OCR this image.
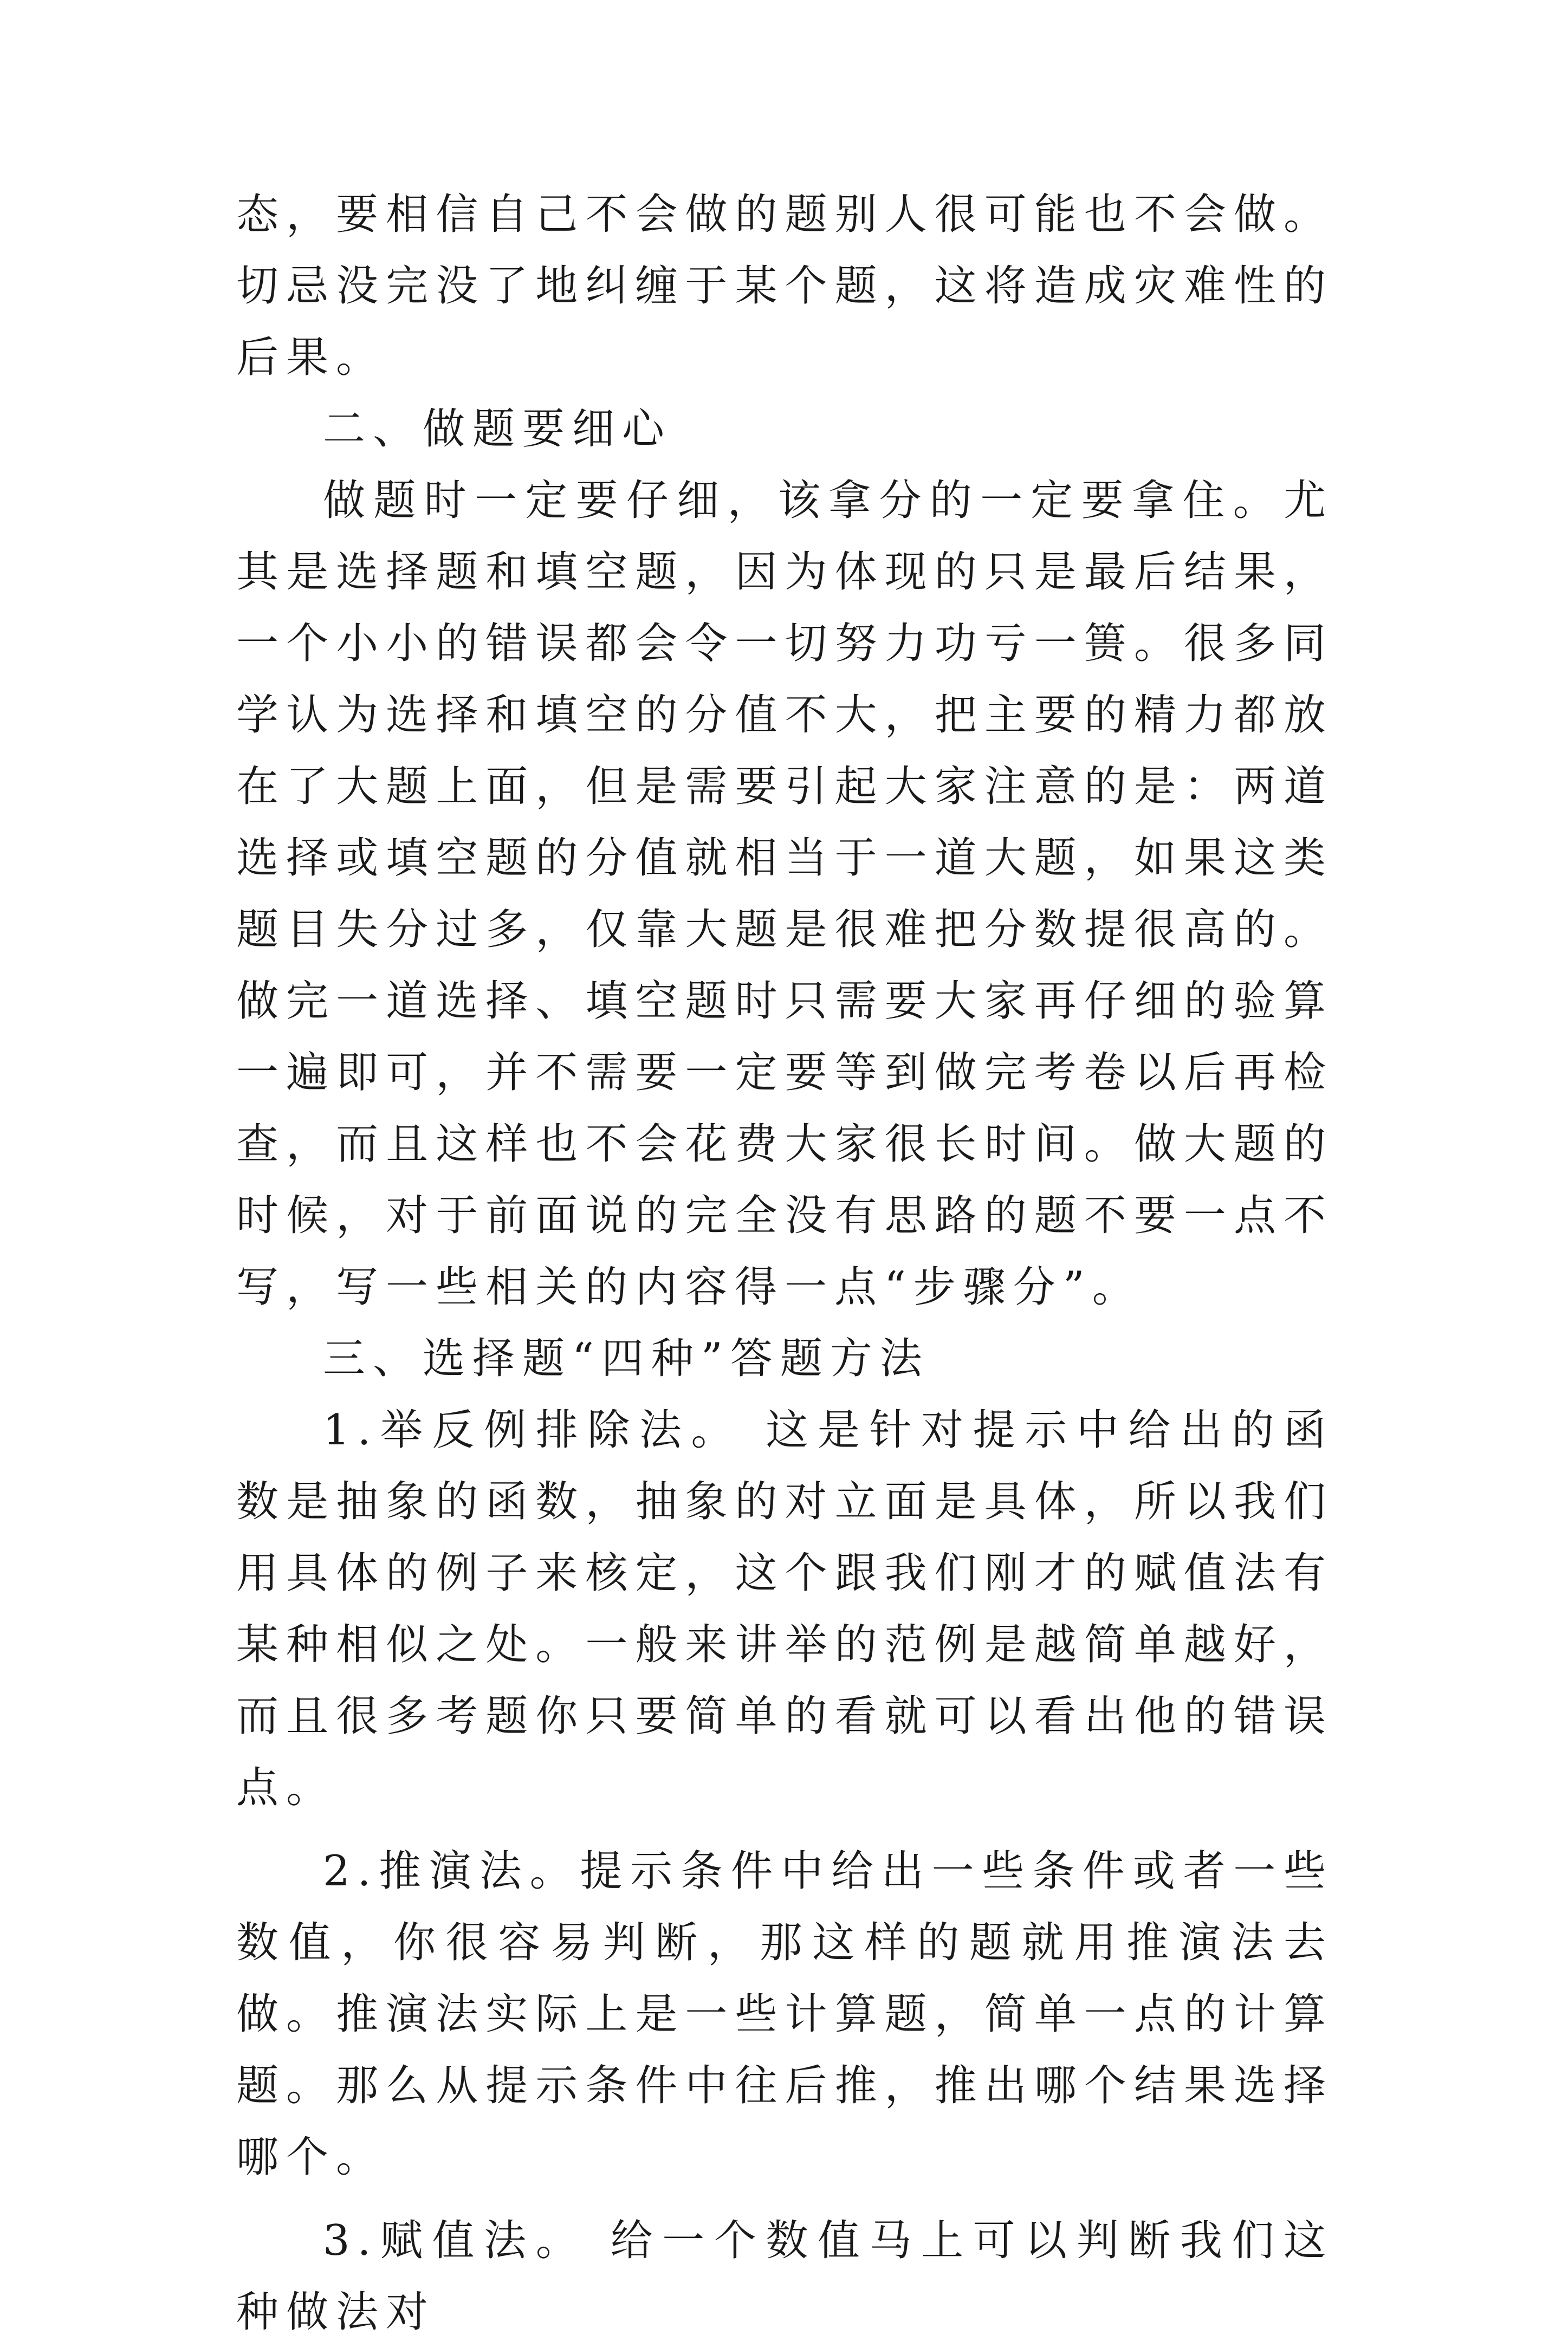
态，要相信自己不会做的题别人很可能也不会做。切忌没完没了地纠缠于某个题，这将造成灾难性的后果。

二、做题要细心

做题时一定要仔细，该拿分的一定要拿住。尤其是选择题和填空题，因为体现的只是最后结果，一个小小的错误都会令一切努力功亏一篑。很多同学认为选择和填空的分值不大，把主要的精力都放在了大题上面，但是需要引起大家注意的是：两道选择或填空题的分值就相当于一道大题，如果这类题目失分过多，仅靠大题是很难把分数提很高的。做完一道选择、填空题时只需要大家再仔细的验算一遍即可，并不需要一定要等到做完考卷以后再检查，而且这样也不会花费大家很长时间。做大题的时候，对于前面说的完全没有思路的题不要一点不写，写一些相关的内容得一点“步骤分”。

三、选择题“四种”答题方法

1.举反例排除法。 这是针对提示中给出的函数是抽象的函数，抽象的对立面是具体，所以我们用具体的例子来核定，这个跟我们刚才的赋值法有某种相似之处。一般来讲举的范例是越简单越好，而且很多考题你只要简单的看就可以看出他的错误点。

2.推演法。提示条件中给出一些条件或者一些数值，你很容易判断，那这样的题就用推演法去做。推演法实际上是一些计算题，简单一点的计算题。那么从提示条件中往后推，推出哪个结果选择哪个。

3.赋值法。 给一个数值马上可以判断我们这种做法对
